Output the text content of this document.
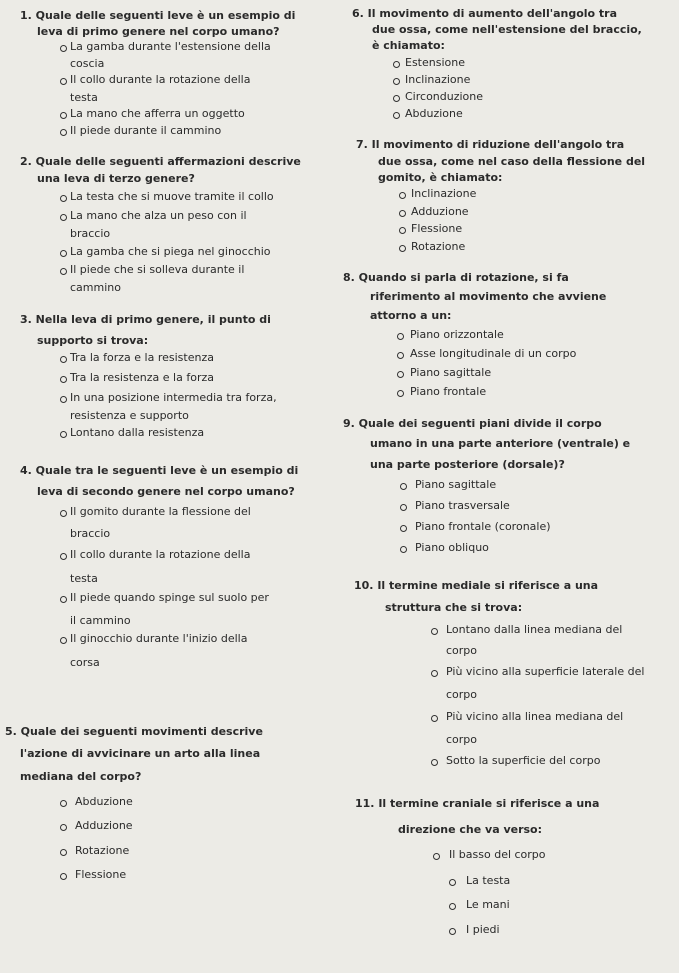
1. Quale delle seguenti leve è un esempio di
leva di primo genere nel corpo umano?
La gamba durante l'estensione della
coscia
Il collo durante la rotazione della
testa
La mano che afferra un oggetto
Il piede durante il cammino
2. Quale delle seguenti affermazioni descrive
una leva di terzo genere?
La testa che si muove tramite il collo
La mano che alza un peso con il
braccio
La gamba che si piega nel ginocchio
Il piede che si solleva durante il
cammino
3. Nella leva di primo genere, il punto di
supporto si trova:
Tra la forza e la resistenza
Tra la resistenza e la forza
In una posizione intermedia tra forza,
resistenza e supporto
Lontano dalla resistenza
4. Quale tra le seguenti leve è un esempio di
leva di secondo genere nel corpo umano?
Il gomito durante la flessione del
braccio
Il collo durante la rotazione della
testa
Il piede quando spinge sul suolo per
il cammino
Il ginocchio durante l'inizio della
corsa
5. Quale dei seguenti movimenti descrive
l'azione di avvicinare un arto alla linea
mediana del corpo?
Abduzione
Adduzione
Rotazione
Flessione
6. Il movimento di aumento dell'angolo tra
due ossa, come nell'estensione del braccio,
è chiamato:
Estensione
Inclinazione
Circonduzione
Abduzione
7. Il movimento di riduzione dell'angolo tra
due ossa, come nel caso della flessione del
gomito, è chiamato:
Inclinazione
Adduzione
Flessione
Rotazione
8. Quando si parla di rotazione, si fa
riferimento al movimento che avviene
attorno a un:
Piano orizzontale
Asse longitudinale di un corpo
Piano sagittale
Piano frontale
9. Quale dei seguenti piani divide il corpo
umano in una parte anteriore (ventrale) e
una parte posteriore (dorsale)?
Piano sagittale
Piano trasversale
Piano frontale (coronale)
Piano obliquo
10. Il termine mediale si riferisce a una
struttura che si trova:
Lontano dalla linea mediana del
corpo
Più vicino alla superficie laterale del
corpo
Più vicino alla linea mediana del
corpo
Sotto la superficie del corpo
11. Il termine craniale si riferisce a una
direzione che va verso:
Il basso del corpo
La testa
Le mani
I piedi
